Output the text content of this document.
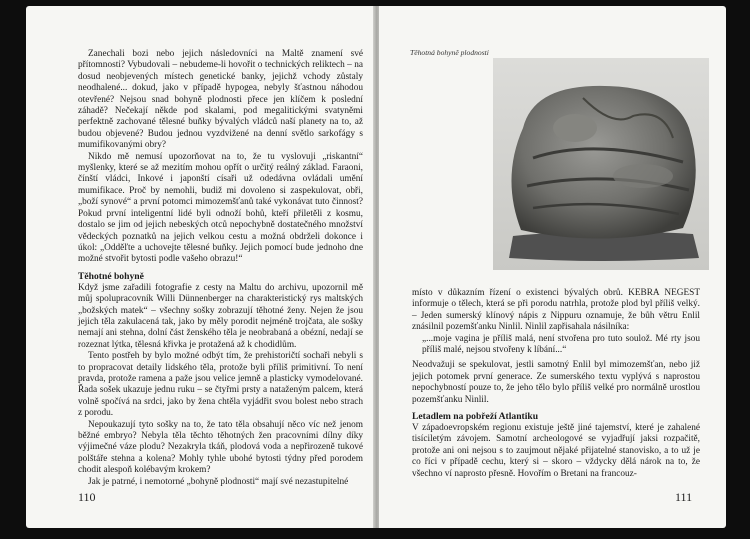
Zanechali bozi nebo jejich následovníci na Maltě znamení své přítomnosti? Vybudovali – nebudeme-li hovořit o technických reliktech – na dosud neobjevených místech genetické banky, jejichž vchody zůstaly neodhalené... dokud, jako v případě hypogea, nebyly šťastnou náhodou otevřené? Nejsou snad bohyně plodnosti přece jen klíčem k poslední záhadě? Nečekají někde pod skalami, pod megalitickými svatyněmi perfektně zachované tělesné buňky bývalých vládců naší planety na to, až budou objevené? Budou jednou vyzdvižené na denní světlo sarkofágy s mumifikovanými obry?

Nikdo mě nemusí upozorňovat na to, že tu vyslovuji „riskantní“ myšlenky, které se až mezitím mohou opřít o určitý reálný základ. Faraoni, čínští vládci, Inkové i japonští císaři už odedávna ovládali umění mumifikace. Proč by nemohli, budiž mi dovoleno si zaspekulovat, obři, „boží synové“ a první potomci mimozemšťanů také vykonávat tuto činnost? Pokud první inteligentní lidé byli odnoží bohů, kteří přiletěli z kosmu, dostalo se jim od jejich nebeských otců nepochybně dostatečného množství vědeckých poznatků na jejich velkou cestu a možná obdrželi dokonce i úkol: „Odděľte a uchovejte tělesné buňky. Jejich pomocí bude jednoho dne možné stvořit bytosti podle vašeho obrazu!“

Těhotné bohyně

Když jsme zařadili fotografie z cesty na Maltu do archivu, upozornil mě můj spolupracovník Willi Dünnenberger na charakteristický rys maltských „božských matek“ – všechny sošky zobrazují těhotné ženy. Nejen že jsou jejich těla zakulacená tak, jako by měly porodit nejméně trojčata, ale sošky nemají ani stehna, dolní část ženského těla je neobrabaná a obézní, nedají se rozeznat lýtka, tělesná křivka je protažená až k chodidlům.

Tento postřeh by bylo možné odbýt tím, že prehistoričtí sochaři nebyli s to propracovat detaily lidského těla, protože byli příliš primitivní. To není pravda, protože ramena a paže jsou velice jemně a plasticky vymodelované. Řada sošek ukazuje jednu ruku – se čtyřmi prsty a nataženým palcem, která volně spočívá na srdci, jako by žena chtěla vyjádřit svou bolest nebo strach z porodu.

Nepoukazují tyto sošky na to, že tato těla obsahují něco víc než jenom běžné embryo? Nebyla těla těchto těhotných žen pracovními dílny díky výjimečné váze plodu? Nezakryla tkáň, plodová voda a nepřirozeně tukové polštáře stehna a kolena? Mohly tyhle ubohé bytosti týdny před porodem chodit alespoň kolébavým krokem?

Jak je patrné, i nemotorné „bohyně plodnosti“ mají své nezastupitelné

110
Těhotná bohyně plodnosti

místo v důkazním řízení o existenci bývalých obrů. KEBRA NEGEST informuje o tělech, která se při porodu natrhla, protože plod byl příliš velký. – Jeden sumerský klínový nápis z Nippuru oznamuje, že bůh větru Enlil znásilnil pozemšťanku Ninlil. Ninlil zapřisahala násilníka:

„...moje vagina je příliš malá, není stvořena pro tuto soulož. Mé rty jsou příliš malé, nejsou stvořeny k líbání...“

Neodvažuji se spekulovat, jestli samotný Enlil byl mimozemšťan, nebo již jejich potomek první generace. Ze sumerského textu vyplývá s naprostou nepochybností pouze to, že jeho tělo bylo příliš velké pro normálně urostlou pozemšťanku Ninlil.

Letadlem na pobřeží Atlantiku

V západoevropském regionu existuje ještě jiné tajemství, které je zahalené tisíciletým závojem. Samotní archeologové se vyjadřují jaksi rozpačitě, protože ani oni nejsou s to zaujmout nějaké přijatelné stanovisko, a to už je co říci v případě cechu, který si – skoro – vždycky dělá nárok na to, že všechno ví naprosto přesně. Hovořím o Bretani na francouz-

111
